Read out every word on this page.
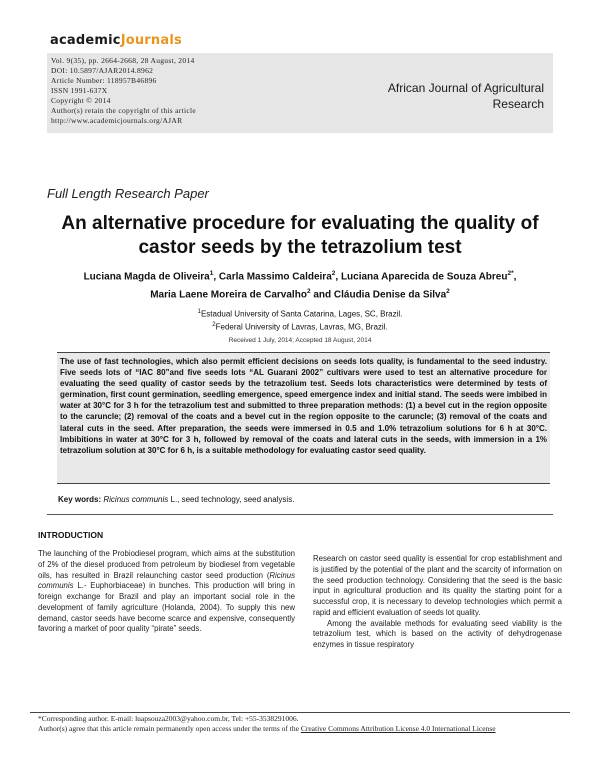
academicJournals
Vol. 9(35), pp. 2664-2668, 28 August, 2014
DOI: 10.5897/AJAR2014.8962
Article Number: 118957B46896
ISSN 1991-637X
Copyright © 2014
Author(s) retain the copyright of this article
http://www.academicjournals.org/AJAR
African Journal of Agricultural
Research
Full Length Research Paper
An alternative procedure for evaluating the quality of castor seeds by the tetrazolium test
Luciana Magda de Oliveira$^1$, Carla Massimo Caldeira$^2$, Luciana Aparecida de Souza Abreu$^{2*}$,
Maria Laene Moreira de Carvalho$^2$ and Cláudia Denise da Silva$^2$
$^1$Estadual University of Santa Catarina, Lages, SC, Brazil.
$^2$Federal University of Lavras, Lavras, MG, Brazil.
Received 1 July, 2014; Accepted 18 August, 2014
The use of fast technologies, which also permit efficient decisions on seeds lots quality, is fundamental to the seed industry. Five seeds lots of “IAC 80”and five seeds lots “AL Guarani 2002” cultivars were used to test an alternative procedure for evaluating the seed quality of castor seeds by the tetrazolium test. Seeds lots characteristics were determined by tests of germination, first count germination, seedling emergence, speed emergence index and initial stand. The seeds were imbibed in water at 30°C for 3 h for the tetrazolium test and submitted to three preparation methods: (1) a bevel cut in the region opposite to the caruncle; (2) removal of the coats and a bevel cut in the region opposite to the caruncle; (3) removal of the coats and lateral cuts in the seed. After preparation, the seeds were immersed in 0.5 and 1.0% tetrazolium solutions for 6 h at 30°C. Imbibitions in water at 30°C for 3 h, followed by removal of the coats and lateral cuts in the seeds, with immersion in a 1% tetrazolium solution at 30°C for 6 h, is a suitable methodology for evaluating castor seed quality.
Key words: Ricinus communis L., seed technology, seed analysis.
INTRODUCTION

The launching of the Probiodiesel program, which aims at the substitution of 2% of the diesel produced from petroleum by biodiesel from vegetable oils, has resulted in Brazil relaunching castor seed production (Ricinus communis L.- Euphorbiaceae) in bunches. This production will bring in foreign exchange for Brazil and play an important social role in the development of family agriculture (Holanda, 2004). To supply this new demand, castor seeds have become scarce and expensive, consequently favoring a market of poor quality “pirate” seeds.

Research on castor seed quality is essential for crop establishment and is justified by the potential of the plant and the scarcity of information on the seed production technology. Considering that the seed is the basic input in agricultural production and its quality the starting point for a successful crop, it is necessary to develop technologies which permit a rapid and efficient evaluation of seeds lot quality.

Among the available methods for evaluating seed viability is the tetrazolium test, which is based on the activity of dehydrogenase enzymes in tissue respiratory

*Corresponding author. E-mail: luapsouza2003@yahoo.com.br, Tel: +55-3538291006.
Author(s) agree that this article remain permanently open access under the terms of the Creative Commons Attribution License 4.0 International License
